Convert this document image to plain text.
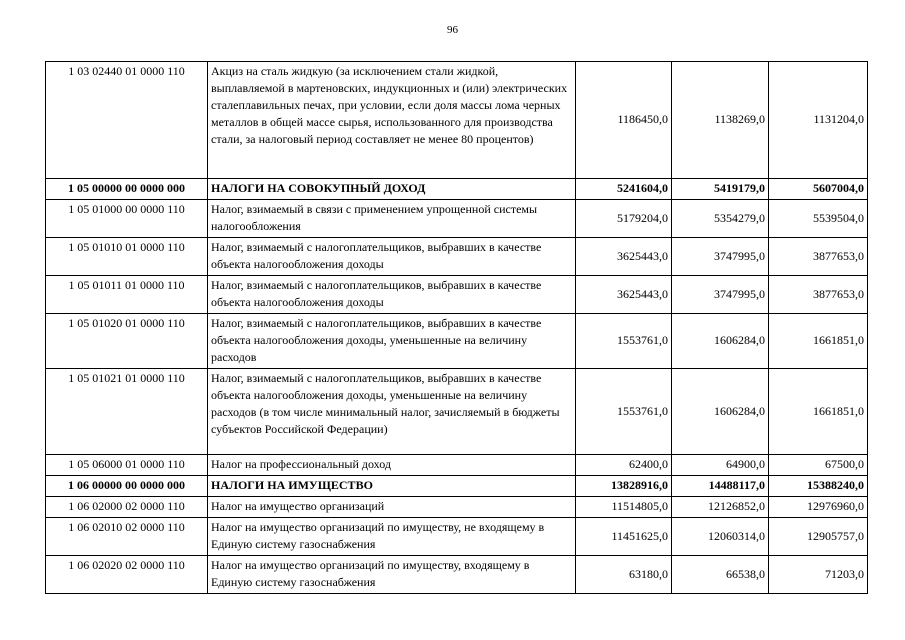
96
1 03 02440 01 0000 110	Акциз на сталь жидкую (за исключением стали жидкой, выплавляемой в мартеновских, индукционных и (или) электрических сталеплавильных печах, при условии, если доля массы лома черных металлов в общей массе сырья, использованного для производства стали, за налоговый период составляет не менее 80 процентов)	1186450,0	1138269,0	1131204,0
1 05 00000 00 0000 000	НАЛОГИ НА СОВОКУПНЫЙ ДОХОД	5241604,0	5419179,0	5607004,0
1 05 01000 00 0000 110	Налог, взимаемый в связи с применением упрощенной системы налогообложения	5179204,0	5354279,0	5539504,0
1 05 01010 01 0000 110	Налог, взимаемый с налогоплательщиков, выбравших в качестве объекта налогообложения доходы	3625443,0	3747995,0	3877653,0
1 05 01011 01 0000 110	Налог, взимаемый с налогоплательщиков, выбравших в качестве объекта налогообложения доходы	3625443,0	3747995,0	3877653,0
1 05 01020 01 0000 110	Налог, взимаемый с налогоплательщиков, выбравших в качестве объекта налогообложения доходы, уменьшенные на величину расходов	1553761,0	1606284,0	1661851,0
1 05 01021 01 0000 110	Налог, взимаемый с налогоплательщиков, выбравших в качестве объекта налогообложения доходы, уменьшенные на величину расходов (в том числе минимальный налог, зачисляемый в бюджеты субъектов Российской Федерации)	1553761,0	1606284,0	1661851,0
1 05 06000 01 0000 110	Налог на профессиональный доход	62400,0	64900,0	67500,0
1 06 00000 00 0000 000	НАЛОГИ НА ИМУЩЕСТВО	13828916,0	14488117,0	15388240,0
1 06 02000 02 0000 110	Налог на имущество организаций	11514805,0	12126852,0	12976960,0
1 06 02010 02 0000 110	Налог на имущество организаций по имуществу, не входящему в Единую систему газоснабжения	11451625,0	12060314,0	12905757,0
1 06 02020 02 0000 110	Налог на имущество организаций по имуществу, входящему в Единую систему газоснабжения	63180,0	66538,0	71203,0
